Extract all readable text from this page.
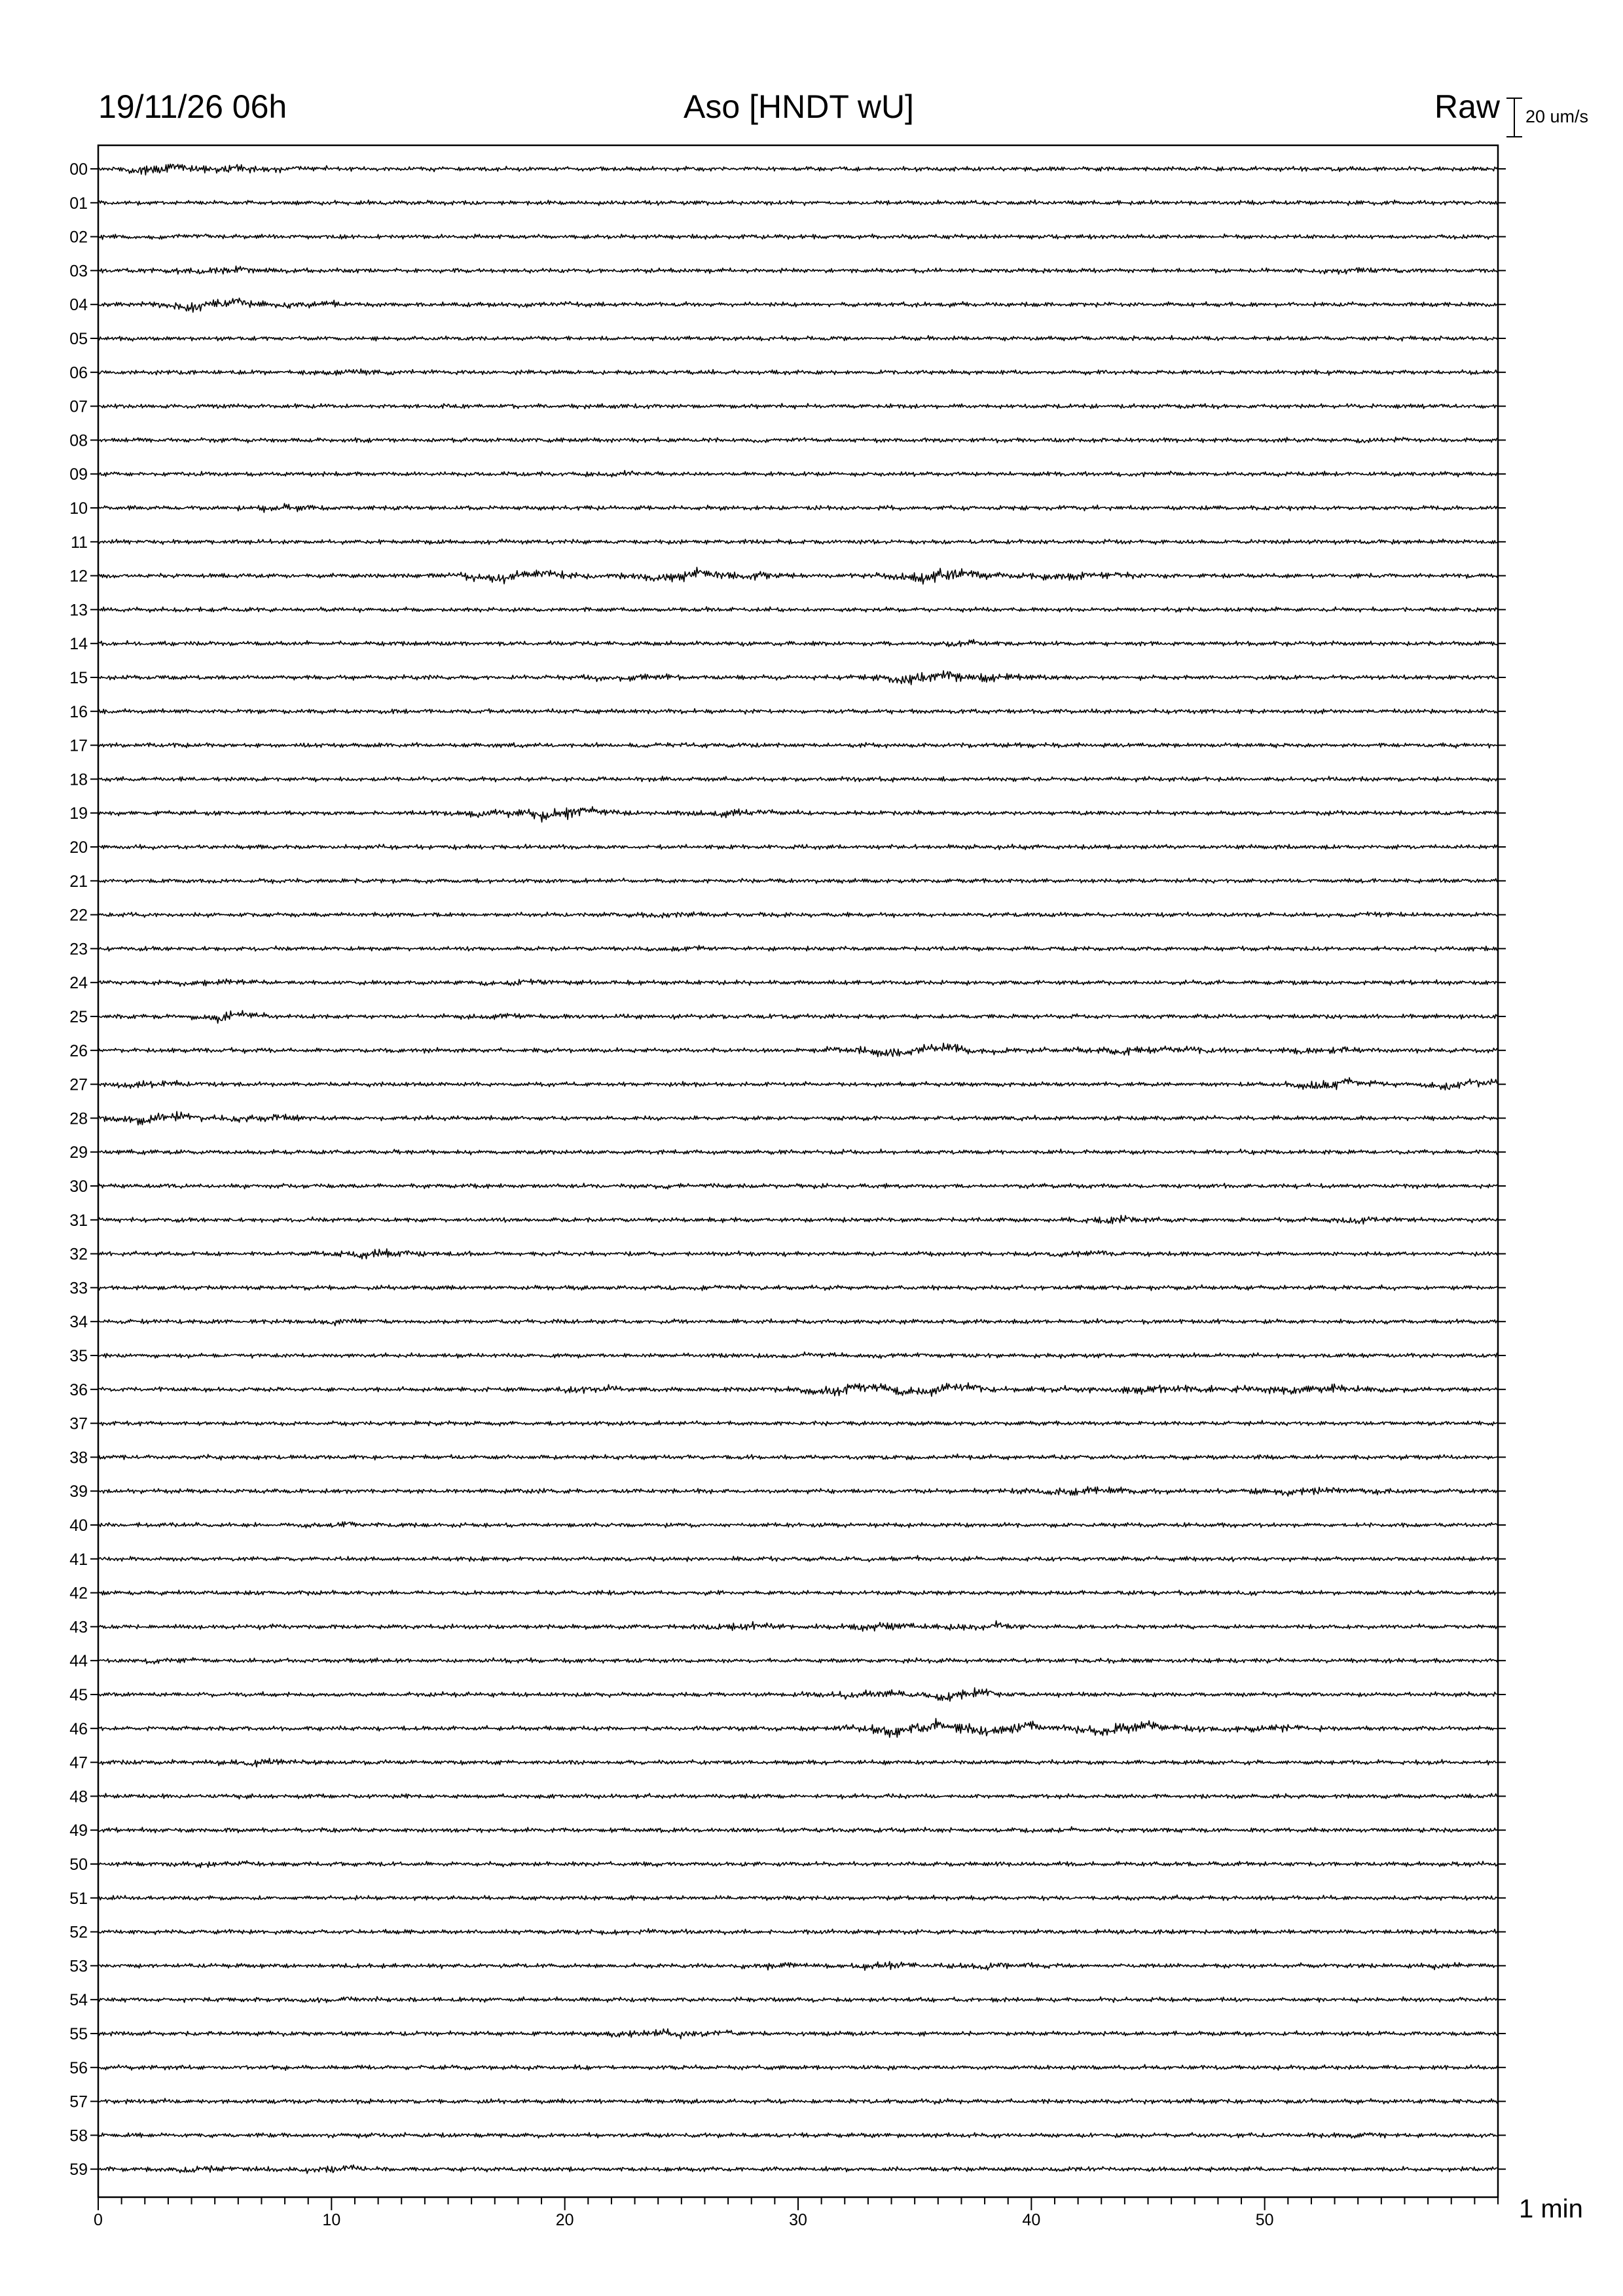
19/11/26 06h	Aso [HNDT wU]	Raw 20 um/s
1 min
00
01
02
03
04
05
06
07
08
09
10
11
12
13
14
15
16
17
18
19
20
21
22
23
24
25
26
27
28
29
30
31
32
33
34
35
36
37
38
39
40
41
42
43
44
45
46
47
48
49
50
51
52
53
54
55
56
57
58
59
0	10	20	30	40	50
